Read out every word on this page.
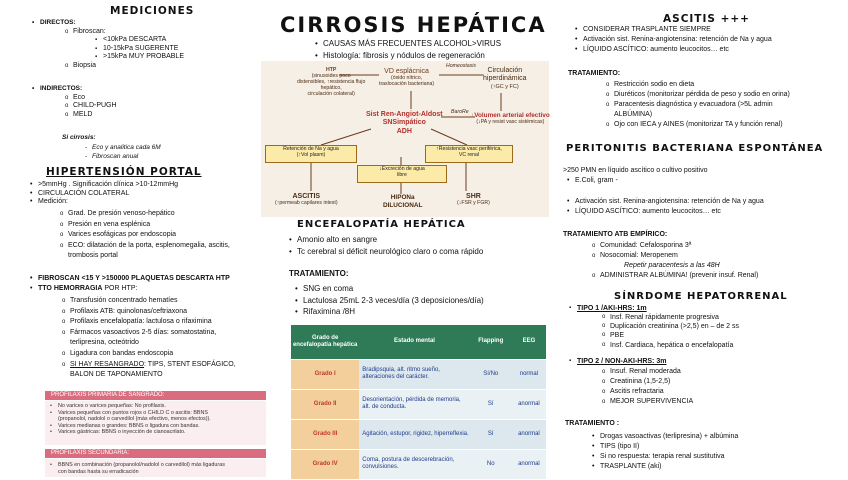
MEDICIONES
• DIRECTOS:
o Fibroscan:
▪ <10kPa DESCARTA
▪ 10-15kPa SUGERENTE
▪ >15kPa MUY PROBABLE
o Biopsia
• INDIRECTOS:
o Eco
o CHILD-PUGH
o MELD
Si cirrosis:
- Eco y analitica cada 6M
- Fibroscan anual
HIPERTENSIÓN PORTAL
• >5mmHg . Significación clínica >10-12mmHg
• CIRCULACIÓN COLATERAL
• Medición:
o Grad. De presión venoso-hepático
o Presión en vena esplénica
o Varices esofágicas por endoscopia
o ECO: dilatación de la porta, esplenomegalia, ascitis,
trombosis portal
• FIBROSCAN <15 Y >150000 PLAQUETAS DESCARTA HTP
• TTO HEMORRAGIA POR HTP:
o Transfusión concentrado hematíes
o Profilaxis ATB: quinolonas/ceftriaxona
o Profilaxis encefalopatía: lactulosa o rifaximina
o Fármacos vasoactivos 2-5 días: somatostatina,
terlipresina, octeótrido
o Ligadura con bandas endoscopia
o SI HAY RESANGRADO: TIPS, STENT ESOFÁGICO,
BALON DE TAPONAMIENTO
PROFILAXIS PRIMARIA DE SANGRADO:
• No varices o varices pequeñas: No profilaxis.
• Varices pequeñas con puntos rojos o CHILD C o ascitis: BBNS
(propanolol, nadolol o carvedilol (más efectivo, menos efectos)).
• Varices medianas o grandes: BBNS o ligadura con bandas.
• Varices gástricas: BBNS o inyección de cianoacrilato.
PROFILAXIS SECUNDARIA:
• BBNS en combinación (propanolol/nadolol o carvedilol) más ligaduras
con bandas hasta su erradicación
CIRROSIS HEPÁTICA
• CAUSAS MÁS FRECUENTES ALCOHOL>VIRUS
• Histología: fibrosis y nódulos de regeneración
HTP
(sinusoides poco
distensibles, ↑resistencia flujo
hepático,
circulación colateral)
VD esplácnica
(óxido nítrico,
traslocación bacteriana)
Homeostasis
Circulación
hiperdinámica
(↑GC y FC)
Sist Ren-Angiot-Aldost
SNSimpático
ADH
BaroRe ↓Volumen arterial efectivo
(↓PA y resist vasc sistémicas)
Retención de Na y agua
(↑Vol plasm)
↓Excreción de agua
libre
↑Resistencia vasc periférica,
VC renal
ASCITIS
(↑permeab capilares intest)
HIPONa
DILUCIONAL
SHR
(↓FSR y FGR)
ENCEFALOPATÍA HEPÁTICA
• Amonio alto en sangre
• Tc cerebral si déficit neurológico claro o coma rápido
TRATAMIENTO:
• SNG en coma
• Lactulosa 25mL 2-3 veces/día (3 deposiciones/día)
• Rifaximina /8H
Grado de encefalopatía hepática	Estado mental	Flapping	EEG
Grado I	Bradipsquia, alt. ritmo sueño, alteraciones del carácter.	Sí/No	normal
Grado II	Desorientación, pérdida de memoria, alt. de conducta.	Sí	anormal
Grado III	Agitación, estupor, rigidez, hiperreflexia.	Sí	anormal
Grado IV	Coma, postura de descerebración, convulsiones.	No	anormal
ASCITIS +++
• CONSIDERAR TRASPLANTE SIEMPRE
• Activación sist. Renina-angiotensina: retención de Na y agua
• LÍQUIDO ASCÍTICO: aumento leucocitos… etc
TRATAMIENTO:
o Restricción sodio en dieta
o Diuréticos (monitorizar pérdida de peso y sodio en orina)
o Paracentesis diagnóstica y evacuadora (>5L admin
ALBÚMINA)
o Ojo con IECA y AINES (monitorizar TA y función renal)
PERITONITIS BACTERIANA ESPONTÁNEA
>250 PMN en líquido ascítico o cultivo positivo
• E.Coli, gram -
• Activación sist. Renina-angiotensina: retención de Na y agua
• LÍQUIDO ASCÍTICO: aumento leucocitos… etc
TRATAMIENTO ATB EMPÍRICO:
o Comunidad: Cefalosporina 3ª
o Nosocomial: Meropenem
Repetir paracentesis a las 48H
o ADMINISTRAR ALBÚMINA! (prevenir insuf. Renal)
SÍNRDOME HEPATORRENAL
▪ TIPO 1 /AKI-HRS: 1m
o Insf. Renal rápidamente progresiva
o Duplicación creatinina (>2,5) en – de 2 ss
o PBE
o Insf. Cardiaca, hepática o encefalopatía
▪ TIPO 2 / NON-AKI-HRS: 3m
o Insuf. Renal moderada
o Creatinina (1,5-2,5)
o Ascitis refractaria
o MEJOR SUPERVIVENCIA
TRATAMIENTO :
• Drogas vasoactivas (terlipresina) + albúmina
• TIPS (tipo II)
• Si no respuesta: terapia renal sustitutiva
• TRASPLANTE (aki)
